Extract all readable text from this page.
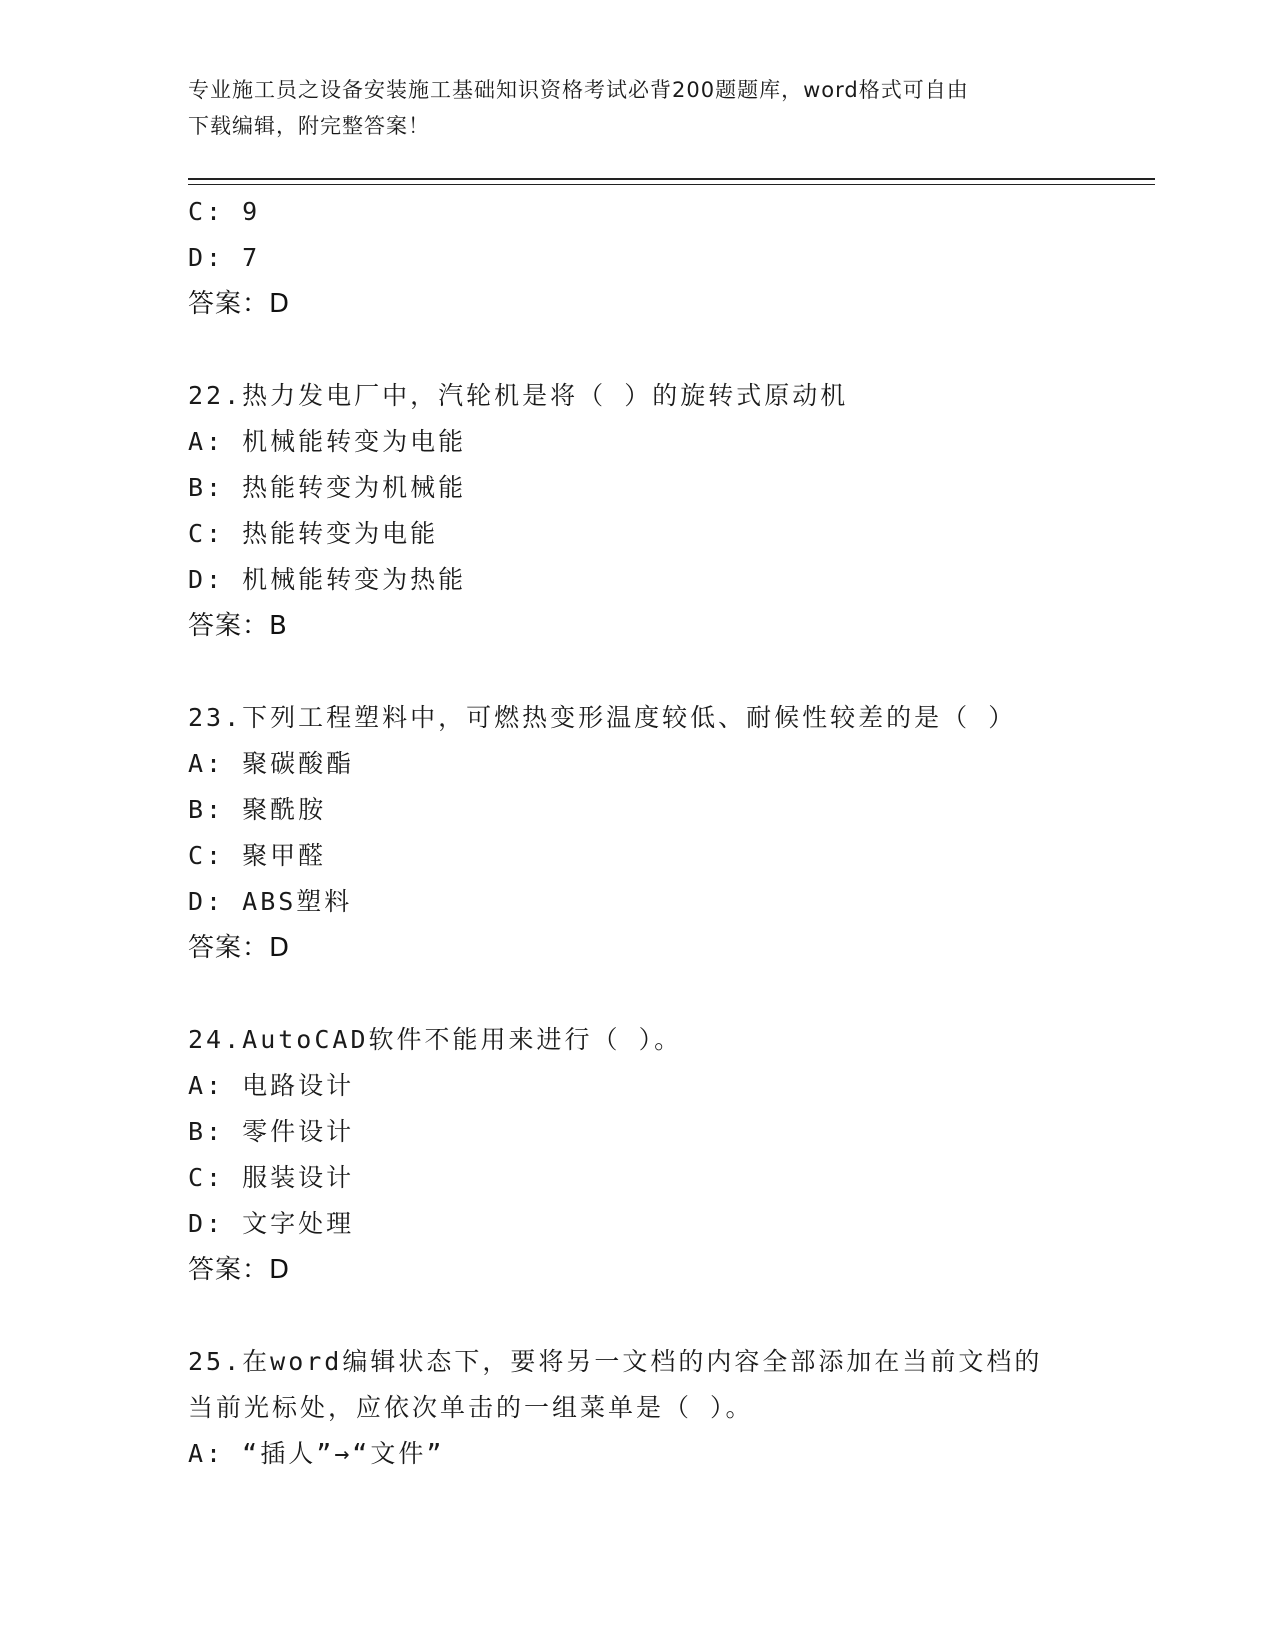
专业施工员之设备安装施工基础知识资格考试必背200题题库，word格式可自由
下载编辑，附完整答案！
C: 9
D: 7
答案：D
22.热力发电厂中，汽轮机是将（ ）的旋转式原动机
A: 机械能转变为电能
B: 热能转变为机械能
C: 热能转变为电能
D: 机械能转变为热能
答案：B
23.下列工程塑料中，可燃热变形温度较低、耐候性较差的是（ ）
A: 聚碳酸酯
B: 聚酰胺
C: 聚甲醛
D: ABS塑料
答案：D
24.AutoCAD软件不能用来进行（ ）。
A: 电路设计
B: 零件设计
C: 服装设计
D: 文字处理
答案：D
25.在word编辑状态下，要将另一文档的内容全部添加在当前文档的
当前光标处，应依次单击的一组菜单是（ ）。
A: “插人”→“文件”
